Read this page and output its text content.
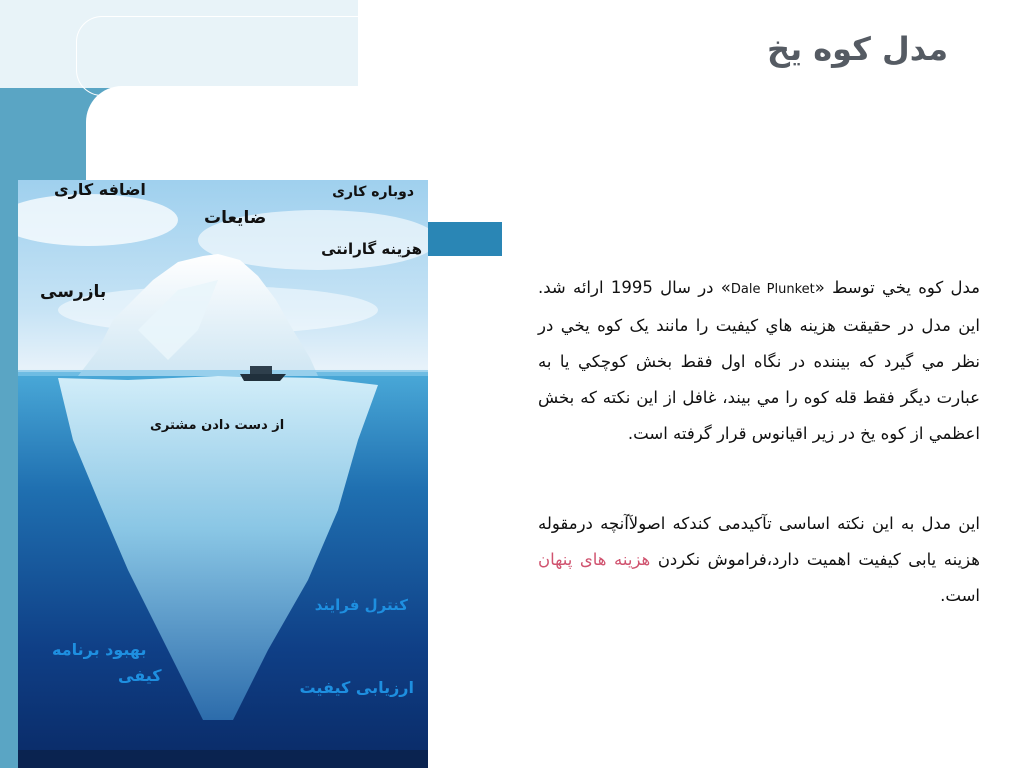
مدل کوه یخ
دوباره کاری
اضافه کاری
ضایعات
هزینه گارانتی
بازرسی
از دست دادن مشتری
کنترل فرایند
بهبود برنامه
کیفی
ارزیابی کیفیت
مدل کوه يخي توسط «Dale Plunket» در سال 1995 ارائه شد. اين مدل در حقيقت هزينه هاي كيفيت را مانند يک کوه يخي در نظر مي گيرد که بيننده در نگاه اول فقط بخش کوچکي يا به عبارت ديگر فقط قله کوه را مي بيند، غافل از اين نکته که بخش اعظمي از کوه يخ در زير اقيانوس قرار گرفته است.
این مدل به این نکته اساسی تآکیدمی کندکه اصولآآنچه درمقوله هزینه یابی کیفیت اهمیت دارد،فراموش نکردن هزینه های پنهان است.
